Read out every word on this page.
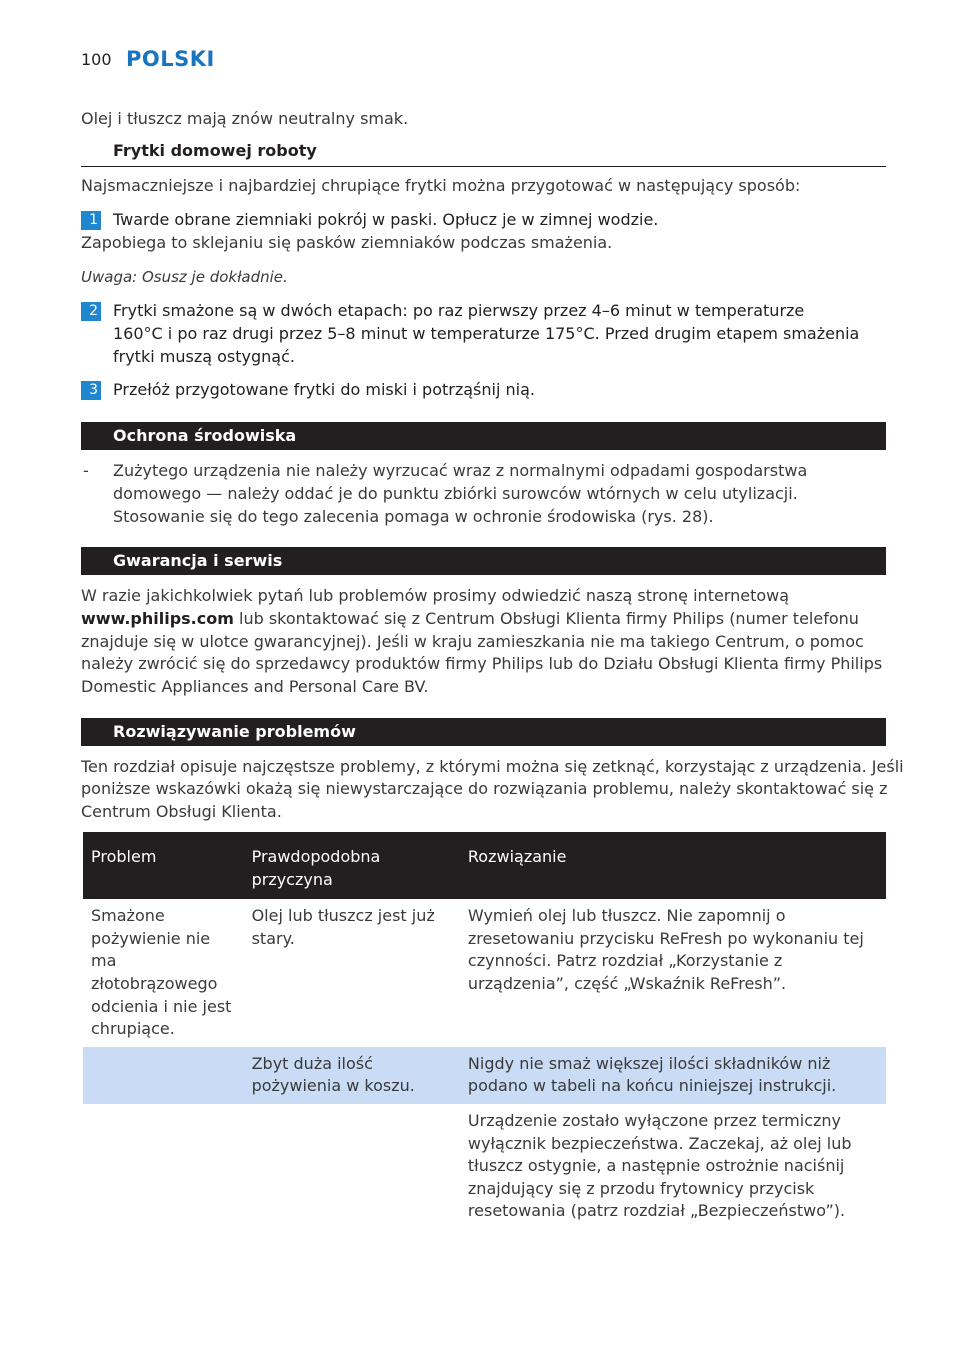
100 POLSKI
Olej i tłuszcz mają znów neutralny smak.
Frytki domowej roboty
Najsmaczniejsze i najbardziej chrupiące frytki można przygotować w następujący sposób:
1 Twarde obrane ziemniaki pokrój w paski. Opłucz je w zimnej wodzie.
Zapobiega to sklejaniu się pasków ziemniaków podczas smażenia.
Uwaga: Osusz je dokładnie.
2 Frytki smażone są w dwóch etapach: po raz pierwszy przez 4–6 minut w temperaturze
160°C i po raz drugi przez 5–8 minut w temperaturze 175°C. Przed drugim etapem smażenia
frytki muszą ostygnąć.
3 Przełóż przygotowane frytki do miski i potrząśnij nią.
Ochrona środowiska
- Zużytego urządzenia nie należy wyrzucać wraz z normalnymi odpadami gospodarstwa
domowego — należy oddać je do punktu zbiórki surowców wtórnych w celu utylizacji.
Stosowanie się do tego zalecenia pomaga w ochronie środowiska (rys. 28).
Gwarancja i serwis
W razie jakichkolwiek pytań lub problemów prosimy odwiedzić naszą stronę internetową
www.philips.com lub skontaktować się z Centrum Obsługi Klienta firmy Philips (numer telefonu
znajduje się w ulotce gwarancyjnej). Jeśli w kraju zamieszkania nie ma takiego Centrum, o pomoc
należy zwrócić się do sprzedawcy produktów firmy Philips lub do Działu Obsługi Klienta firmy Philips
Domestic Appliances and Personal Care BV.
Rozwiązywanie problemów
Ten rozdział opisuje najczęstsze problemy, z którymi można się zetknąć, korzystając z urządzenia. Jeśli
poniższe wskazówki okażą się niewystarczające do rozwiązania problemu, należy skontaktować się z
Centrum Obsługi Klienta.
Problem	Prawdopodobna przyczyna	Rozwiązanie
Smażone pożywienie nie ma złotobrązowego odcienia i nie jest chrupiące.	Olej lub tłuszcz jest już stary.	Wymień olej lub tłuszcz. Nie zapomnij o zresetowaniu przycisku ReFresh po wykonaniu tej czynności. Patrz rozdział „Korzystanie z urządzenia”, część „Wskaźnik ReFresh”.
	Zbyt duża ilość pożywienia w koszu.	Nigdy nie smaż większej ilości składników niż podano w tabeli na końcu niniejszej instrukcji.
		Urządzenie zostało wyłączone przez termiczny wyłącznik bezpieczeństwa. Zaczekaj, aż olej lub tłuszcz ostygnie, a następnie ostrożnie naciśnij znajdujący się z przodu frytownicy przycisk resetowania (patrz rozdział „Bezpieczeństwo”).
